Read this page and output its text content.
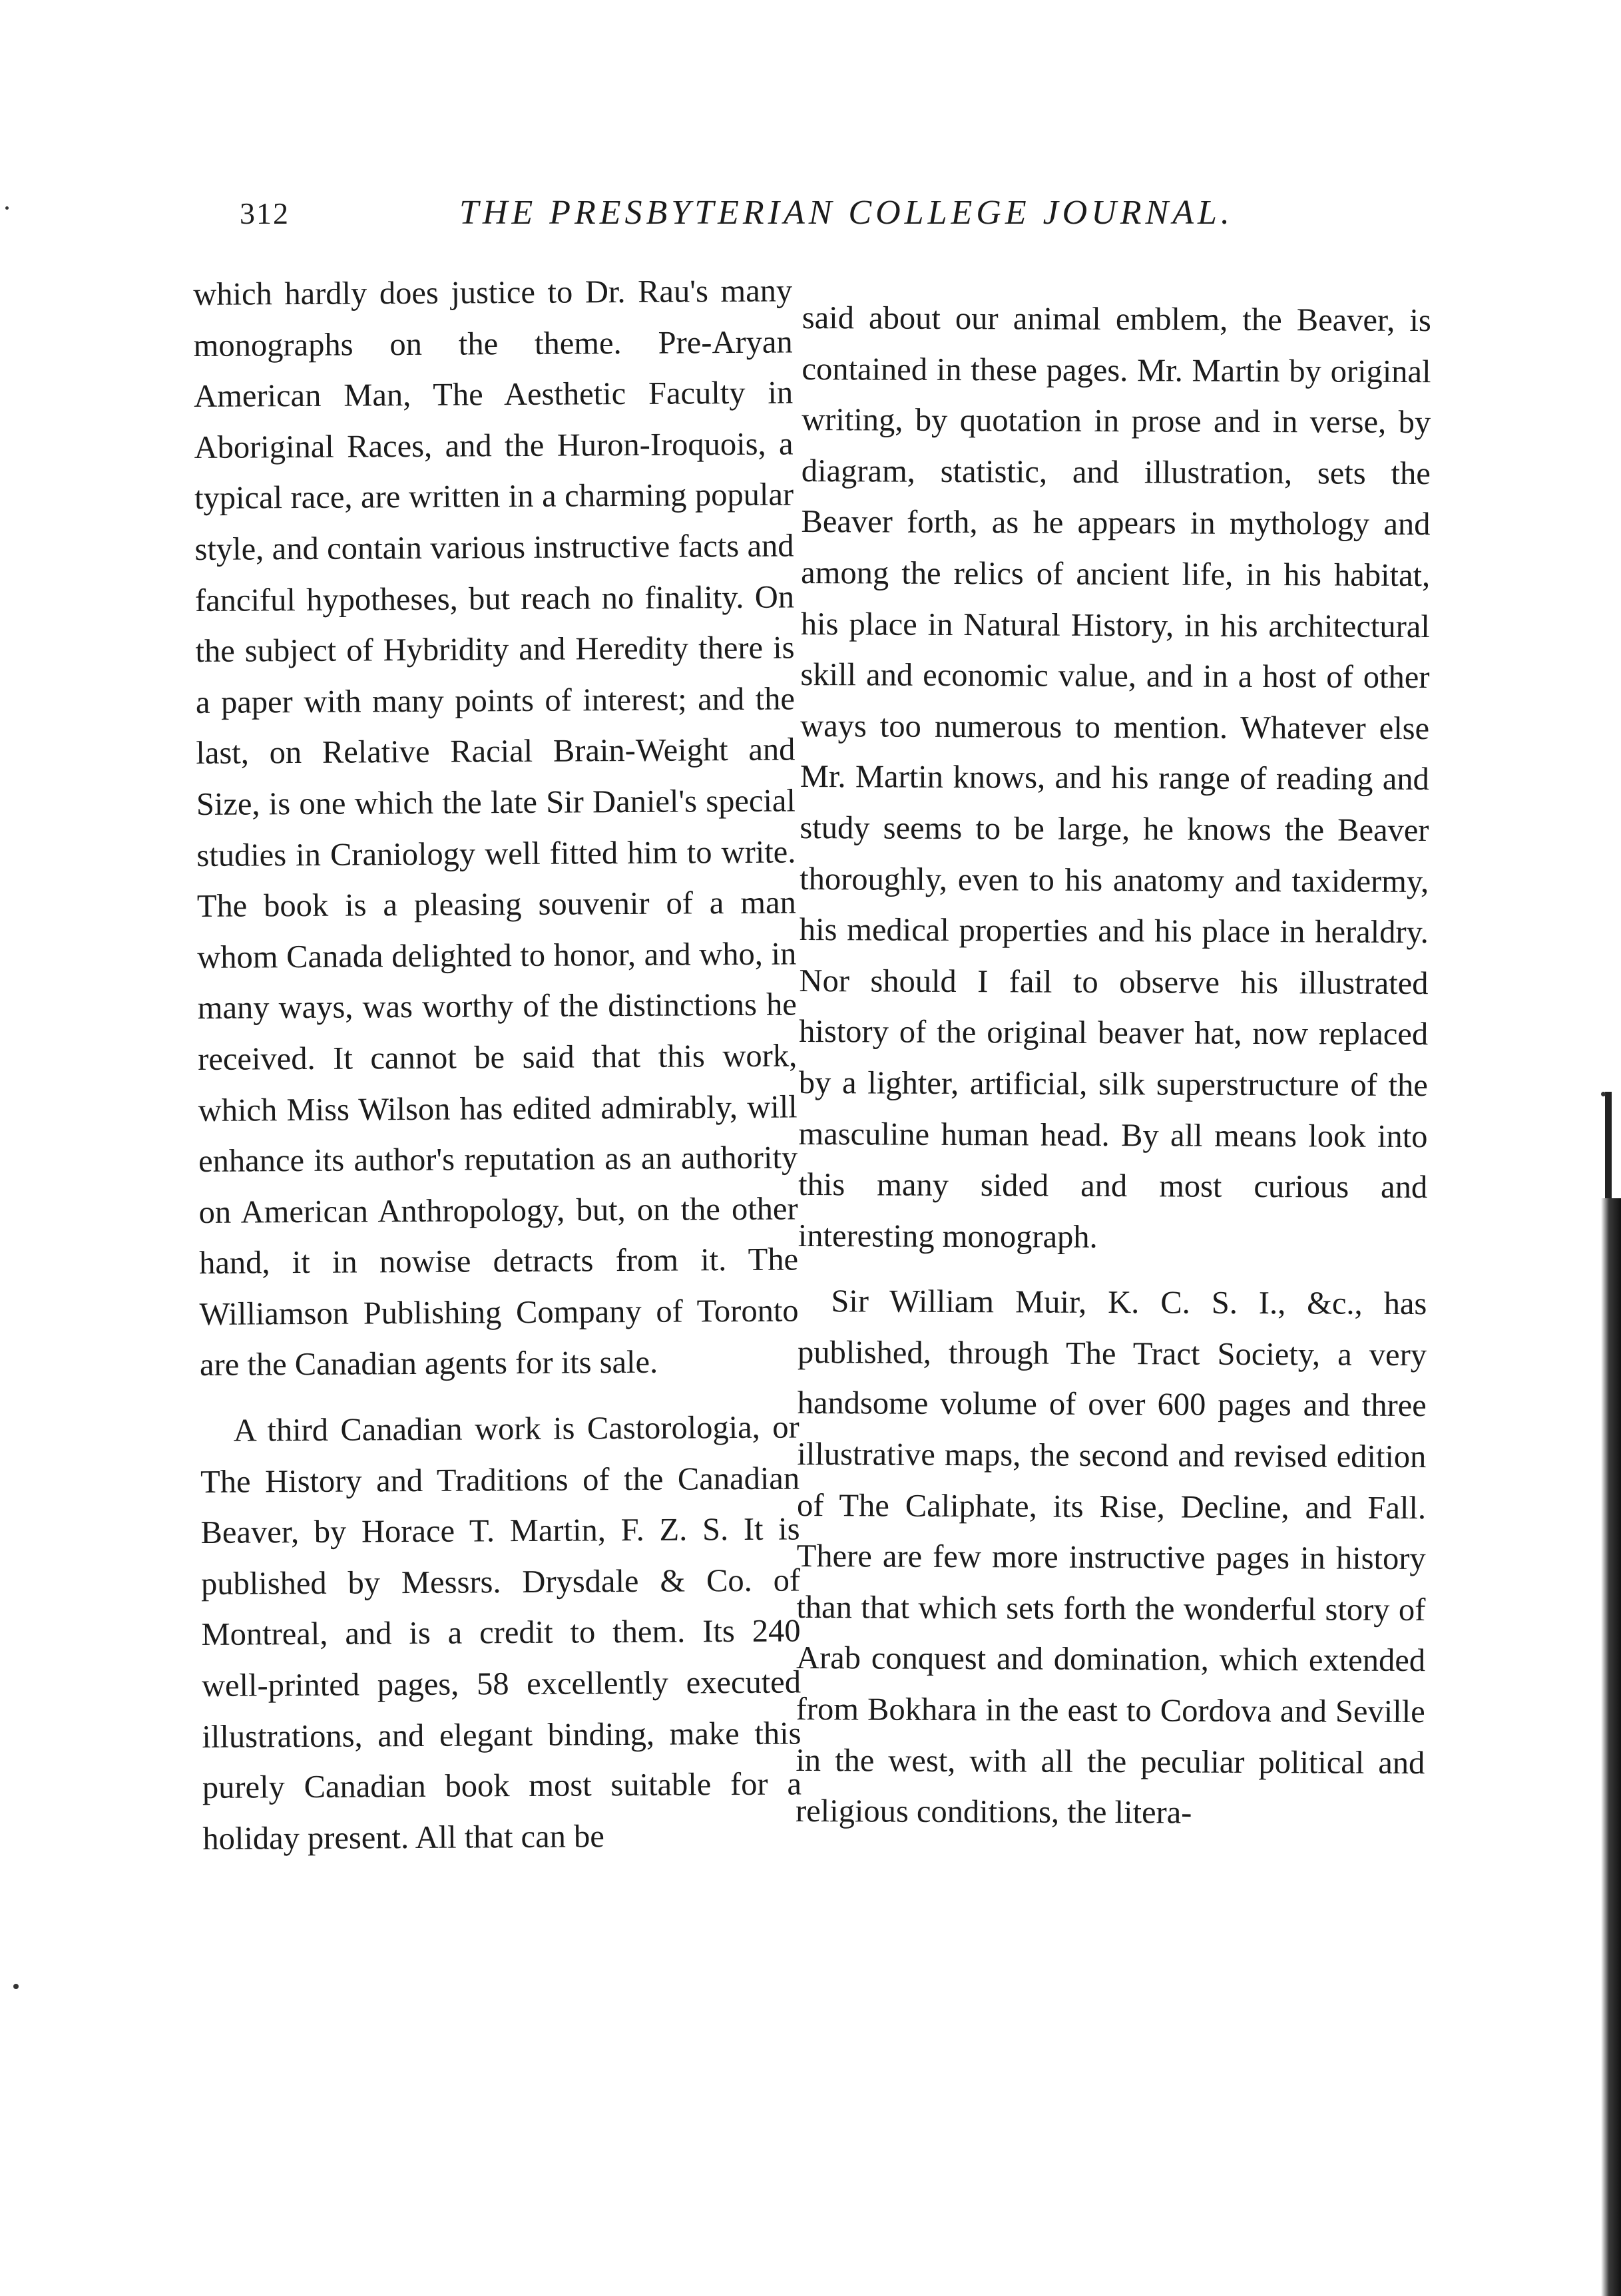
312	THE PRESBYTERIAN COLLEGE JOURNAL.

which hardly does justice to Dr. Rau's many monographs on the theme. Pre-Aryan American Man, The Aesthetic Faculty in Aboriginal Races, and the Huron-Iroquois, a typical race, are written in a charming popular style, and contain various instructive facts and fanciful hypotheses, but reach no finality. On the subject of Hybridity and Heredity there is a paper with many points of interest; and the last, on Relative Racial Brain-Weight and Size, is one which the late Sir Daniel's special studies in Craniology well fitted him to write. The book is a pleasing souvenir of a man whom Canada delighted to honor, and who, in many ways, was worthy of the distinctions he received. It cannot be said that this work, which Miss Wilson has edited admirably, will enhance its author's reputation as an authority on American Anthropology, but, on the other hand, it in nowise detracts from it. The Williamson Publishing Company of Toronto are the Canadian agents for its sale.

A third Canadian work is Castorologia, or The History and Traditions of the Canadian Beaver, by Horace T. Martin, F. Z. S. It is published by Messrs. Drysdale & Co. of Montreal, and is a credit to them. Its 240 well-printed pages, 58 excellently executed illustrations, and elegant binding, make this purely Canadian book most suitable for a holiday present. All that can be

said about our animal emblem, the Beaver, is contained in these pages. Mr. Martin by original writing, by quotation in prose and in verse, by diagram, statistic, and illustration, sets the Beaver forth, as he appears in mythology and among the relics of ancient life, in his habitat, his place in Natural History, in his architectural skill and economic value, and in a host of other ways too numerous to mention. Whatever else Mr. Martin knows, and his range of reading and study seems to be large, he knows the Beaver thoroughly, even to his anatomy and taxidermy, his medical properties and his place in heraldry. Nor should I fail to observe his illustrated history of the original beaver hat, now replaced by a lighter, artificial, silk superstructure of the masculine human head. By all means look into this many sided and most curious and interesting monograph.

Sir William Muir, K. C. S. I., &c., has published, through The Tract Society, a very handsome volume of over 600 pages and three illustrative maps, the second and revised edition of The Caliphate, its Rise, Decline, and Fall. There are few more instructive pages in history than that which sets forth the wonderful story of Arab conquest and domination, which extended from Bokhara in the east to Cordova and Seville in the west, with all the peculiar political and religious conditions, the litera-
